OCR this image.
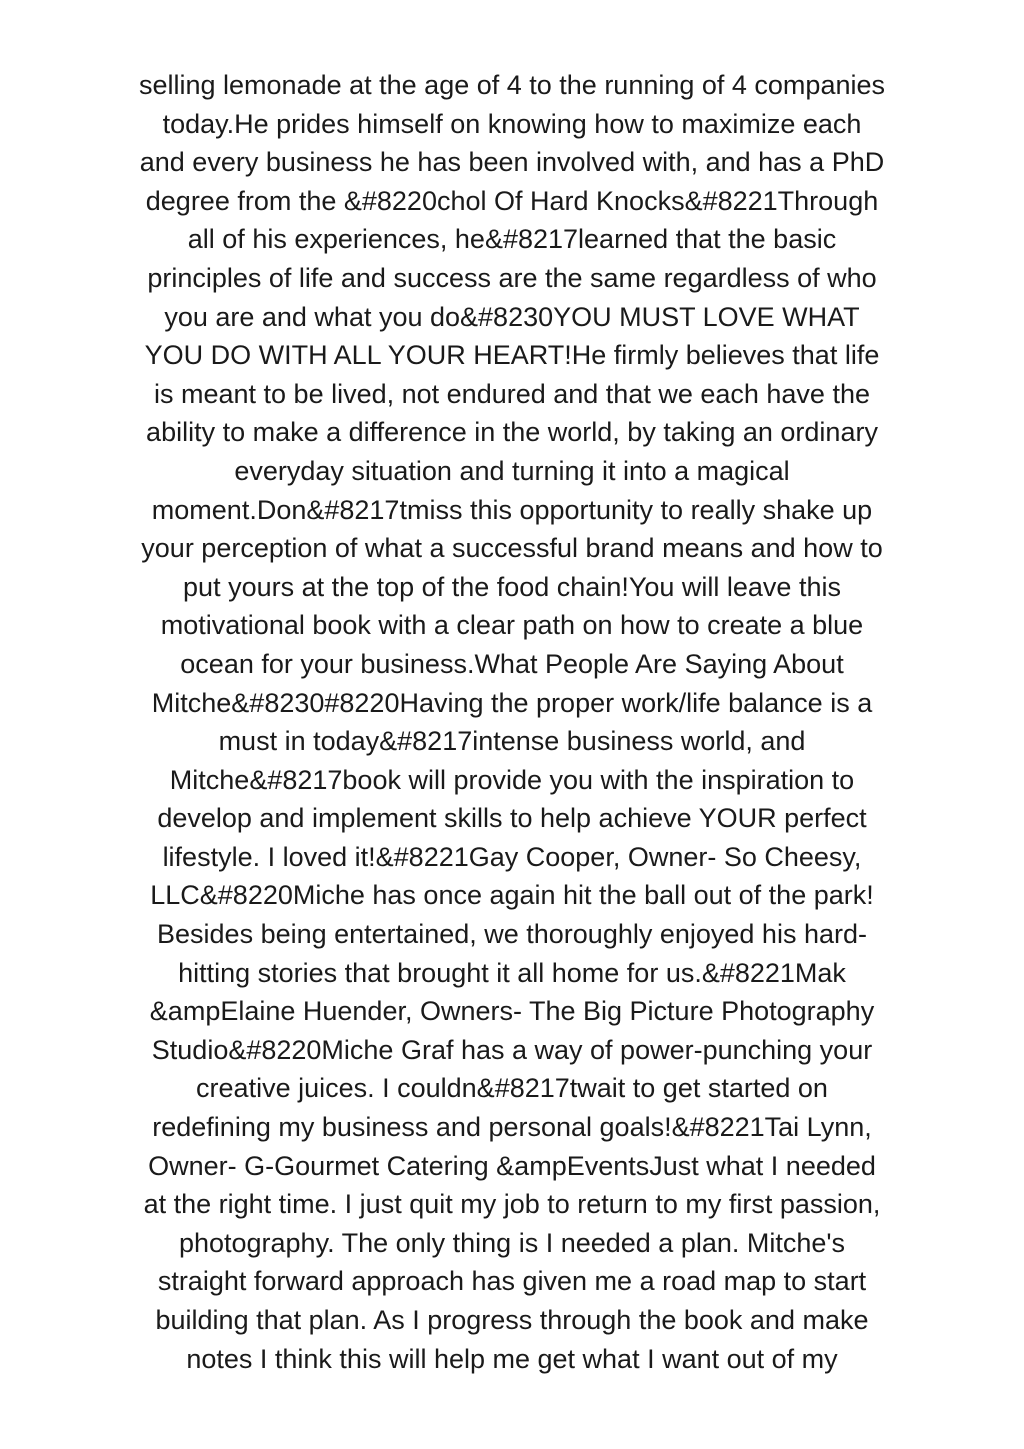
selling lemonade at the age of 4 to the running of 4 companies
today.He prides himself on knowing how to maximize each
and every business he has been involved with, and has a PhD
degree from the &#8220chol Of Hard Knocks&#8221Through
all of his experiences, he&#8217learned that the basic
principles of life and success are the same regardless of who
you are and what you do&#8230YOU MUST LOVE WHAT
YOU DO WITH ALL YOUR HEART!He firmly believes that life
is meant to be lived, not endured and that we each have the
ability to make a difference in the world, by taking an ordinary
everyday situation and turning it into a magical
moment.Don&#8217tmiss this opportunity to really shake up
your perception of what a successful brand means and how to
put yours at the top of the food chain!You will leave this
motivational book with a clear path on how to create a blue
ocean for your business.What People Are Saying About
Mitche&#8230#8220Having the proper work/life balance is a
must in today&#8217intense business world, and
Mitche&#8217book will provide you with the inspiration to
develop and implement skills to help achieve YOUR perfect
lifestyle. I loved it!&#8221Gay Cooper, Owner- So Cheesy,
LLC&#8220Miche has once again hit the ball out of the park!
Besides being entertained, we thoroughly enjoyed his hard-
hitting stories that brought it all home for us.&#8221Mak
&ampElaine Huender, Owners- The Big Picture Photography
Studio&#8220Miche Graf has a way of power-punching your
creative juices. I couldn&#8217twait to get started on
redefining my business and personal goals!&#8221Tai Lynn,
Owner- G-Gourmet Catering &ampEventsJust what I needed
at the right time. I just quit my job to return to my first passion,
photography. The only thing is I needed a plan. Mitche's
straight forward approach has given me a road map to start
building that plan. As I progress through the book and make
notes I think this will help me get what I want out of my
